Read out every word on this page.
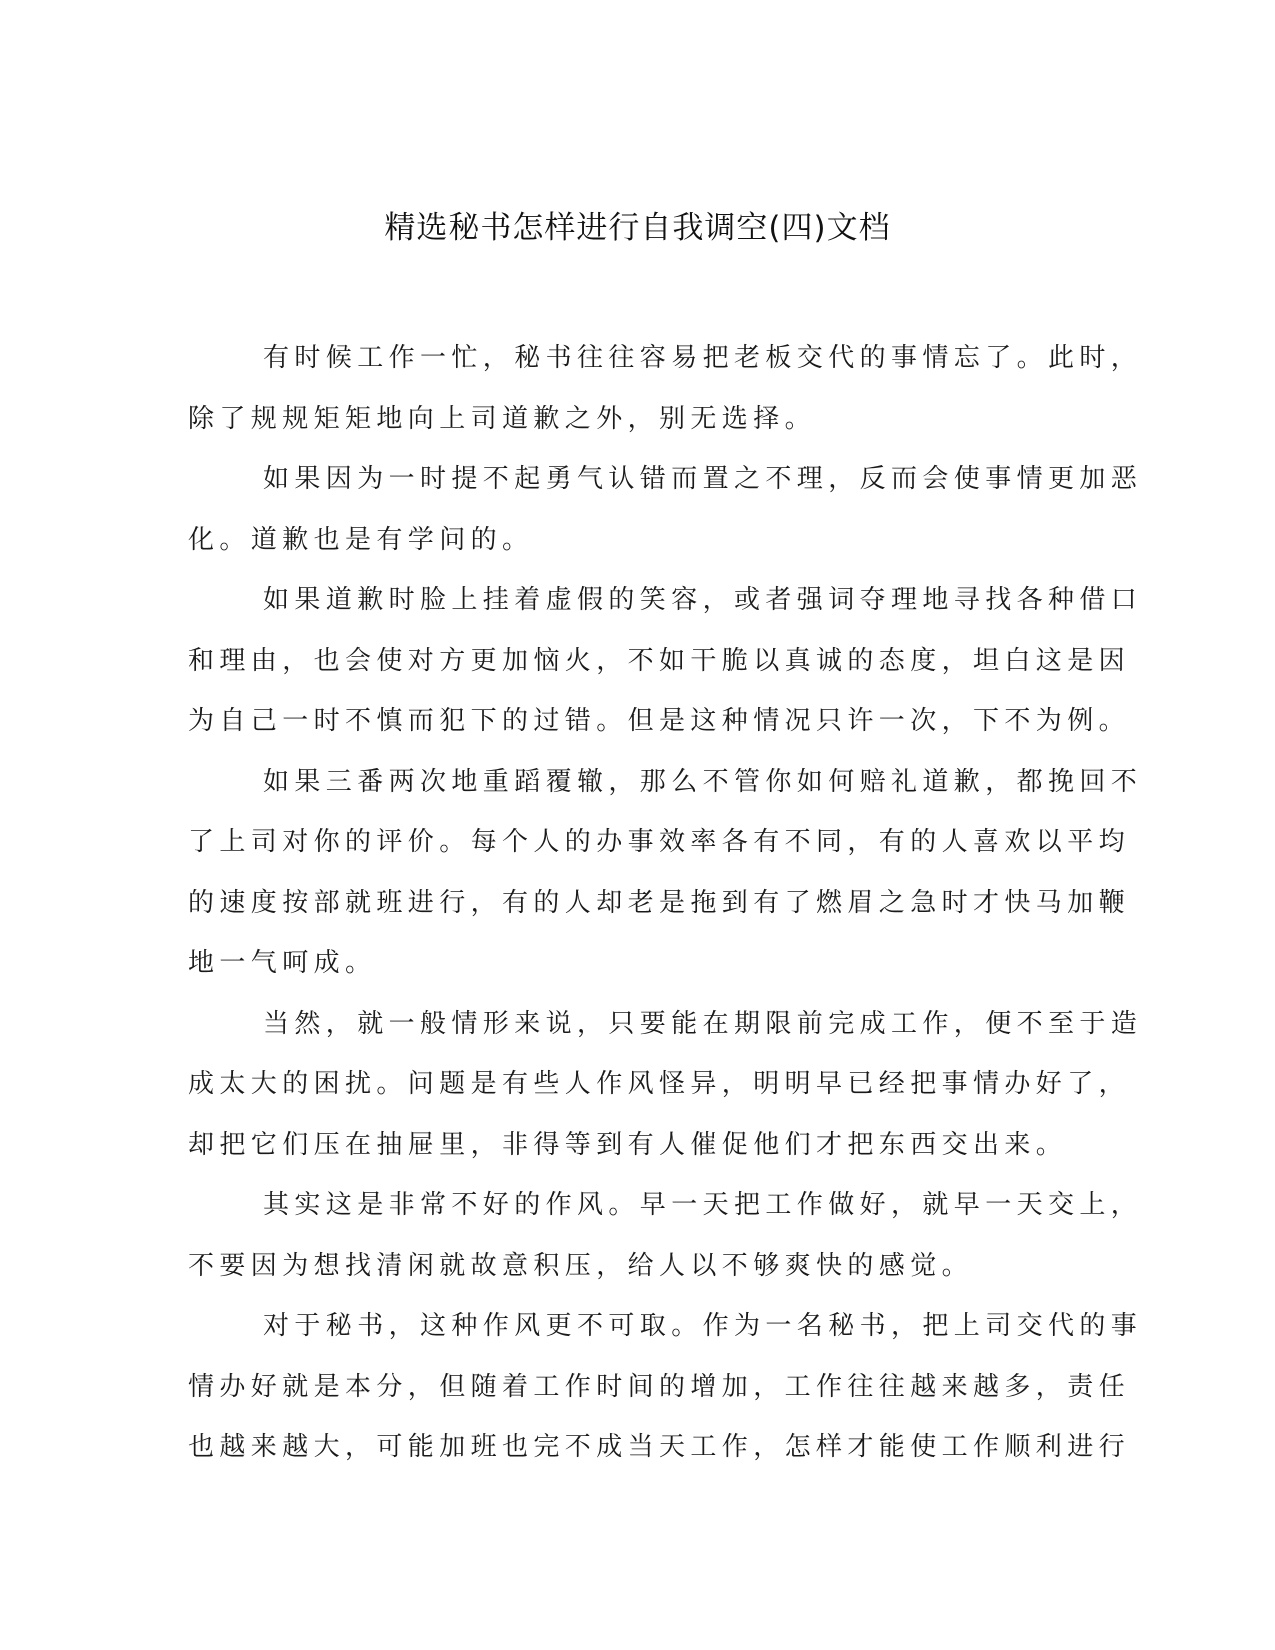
精选秘书怎样进行自我调空(四)文档

有时候工作一忙，秘书往往容易把老板交代的事情忘了。此时，
除了规规矩矩地向上司道歉之外，别无选择。

如果因为一时提不起勇气认错而置之不理，反而会使事情更加恶
化。道歉也是有学问的。

如果道歉时脸上挂着虚假的笑容，或者强词夺理地寻找各种借口
和理由，也会使对方更加恼火，不如干脆以真诚的态度，坦白这是因
为自己一时不慎而犯下的过错。但是这种情况只许一次，下不为例。

如果三番两次地重蹈覆辙，那么不管你如何赔礼道歉，都挽回不
了上司对你的评价。每个人的办事效率各有不同，有的人喜欢以平均
的速度按部就班进行，有的人却老是拖到有了燃眉之急时才快马加鞭
地一气呵成。

当然，就一般情形来说，只要能在期限前完成工作，便不至于造
成太大的困扰。问题是有些人作风怪异，明明早已经把事情办好了，
却把它们压在抽屉里，非得等到有人催促他们才把东西交出来。

其实这是非常不好的作风。早一天把工作做好，就早一天交上，
不要因为想找清闲就故意积压，给人以不够爽快的感觉。

对于秘书，这种作风更不可取。作为一名秘书，把上司交代的事
情办好就是本分，但随着工作时间的增加，工作往往越来越多，责任
也越来越大，可能加班也完不成当天工作，怎样才能使工作顺利进行
